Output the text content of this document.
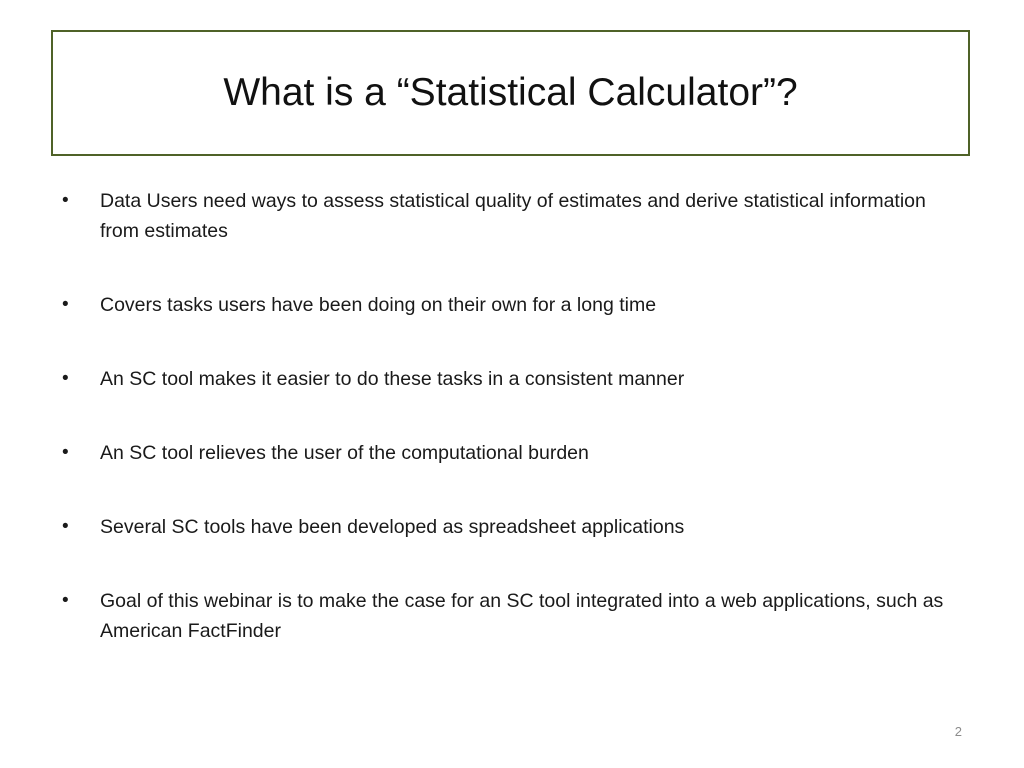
What is a “Statistical Calculator”?
•	Data Users need ways to assess statistical quality of estimates and derive statistical information from estimates
•	Covers tasks users have been doing on their own for a long time
•	An SC tool makes it easier to do these tasks in a consistent manner
•	An SC tool relieves the user of the computational burden
•	Several SC tools have been developed as spreadsheet applications
•	Goal of this webinar is to make the case for an SC tool integrated into a web applications, such as American FactFinder
2
